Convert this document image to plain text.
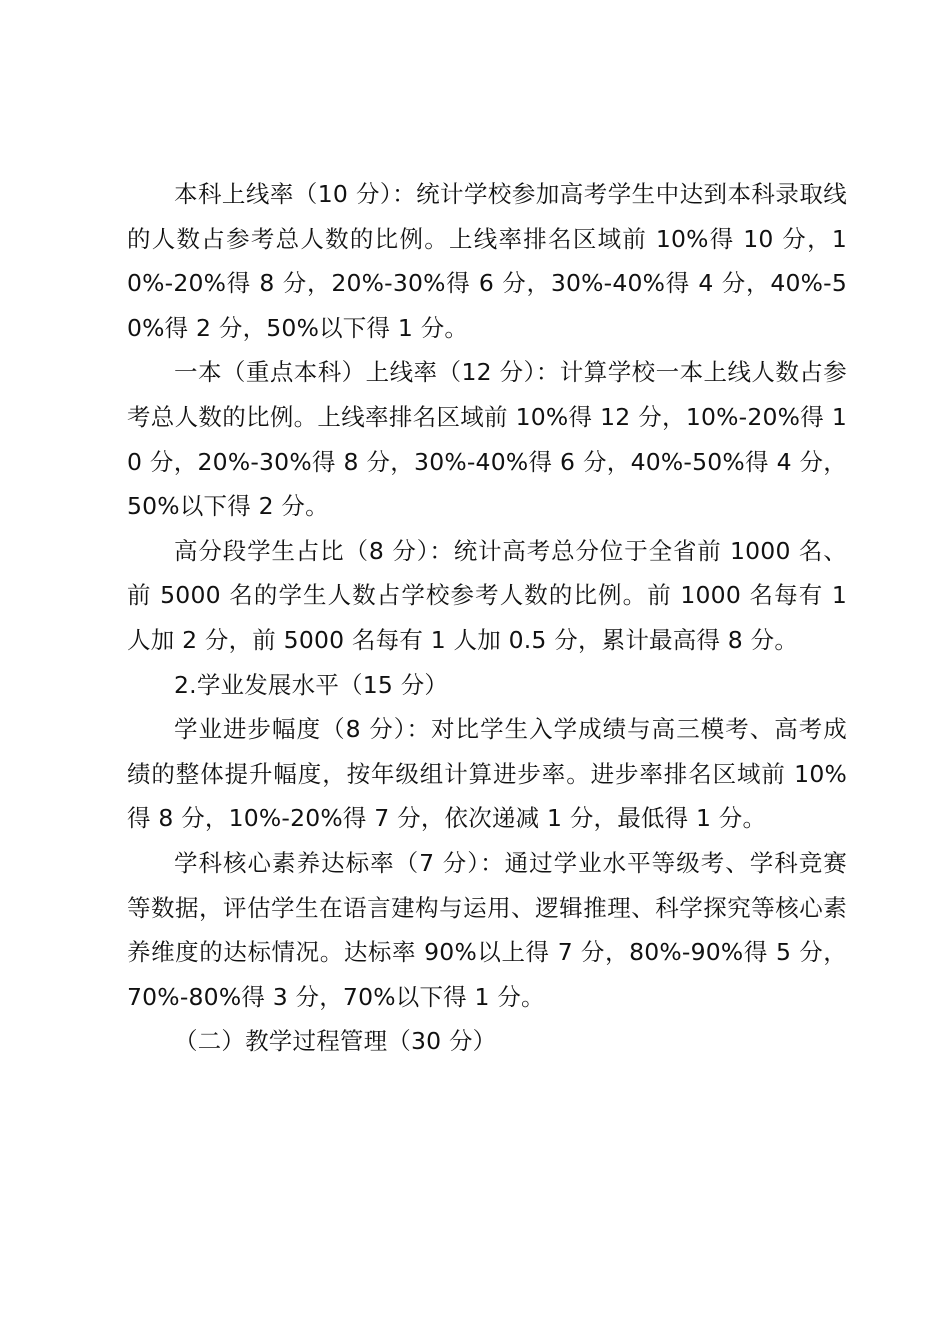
本科上线率（10 分）：统计学校参加高考学生中达到本科录取线的人数占参考总人数的比例。上线率排名区域前 10%得 10 分，10%-20%得 8 分，20%-30%得 6 分，30%-40%得 4 分，40%-50%得 2 分，50%以下得 1 分。

一本（重点本科）上线率（12 分）：计算学校一本上线人数占参考总人数的比例。上线率排名区域前 10%得 12 分，10%-20%得 10 分，20%-30%得 8 分，30%-40%得 6 分，40%-50%得 4 分，50%以下得 2 分。

高分段学生占比（8 分）：统计高考总分位于全省前 1000 名、前 5000 名的学生人数占学校参考人数的比例。前 1000 名每有 1 人加 2 分，前 5000 名每有 1 人加 0.5 分，累计最高得 8 分。

2.学业发展水平（15 分）

学业进步幅度（8 分）：对比学生入学成绩与高三模考、高考成绩的整体提升幅度，按年级组计算进步率。进步率排名区域前 10%得 8 分，10%-20%得 7 分，依次递减 1 分，最低得 1 分。

学科核心素养达标率（7 分）：通过学业水平等级考、学科竞赛等数据，评估学生在语言建构与运用、逻辑推理、科学探究等核心素养维度的达标情况。达标率 90%以上得 7 分，80%-90%得 5 分，70%-80%得 3 分，70%以下得 1 分。

（二）教学过程管理（30 分）
